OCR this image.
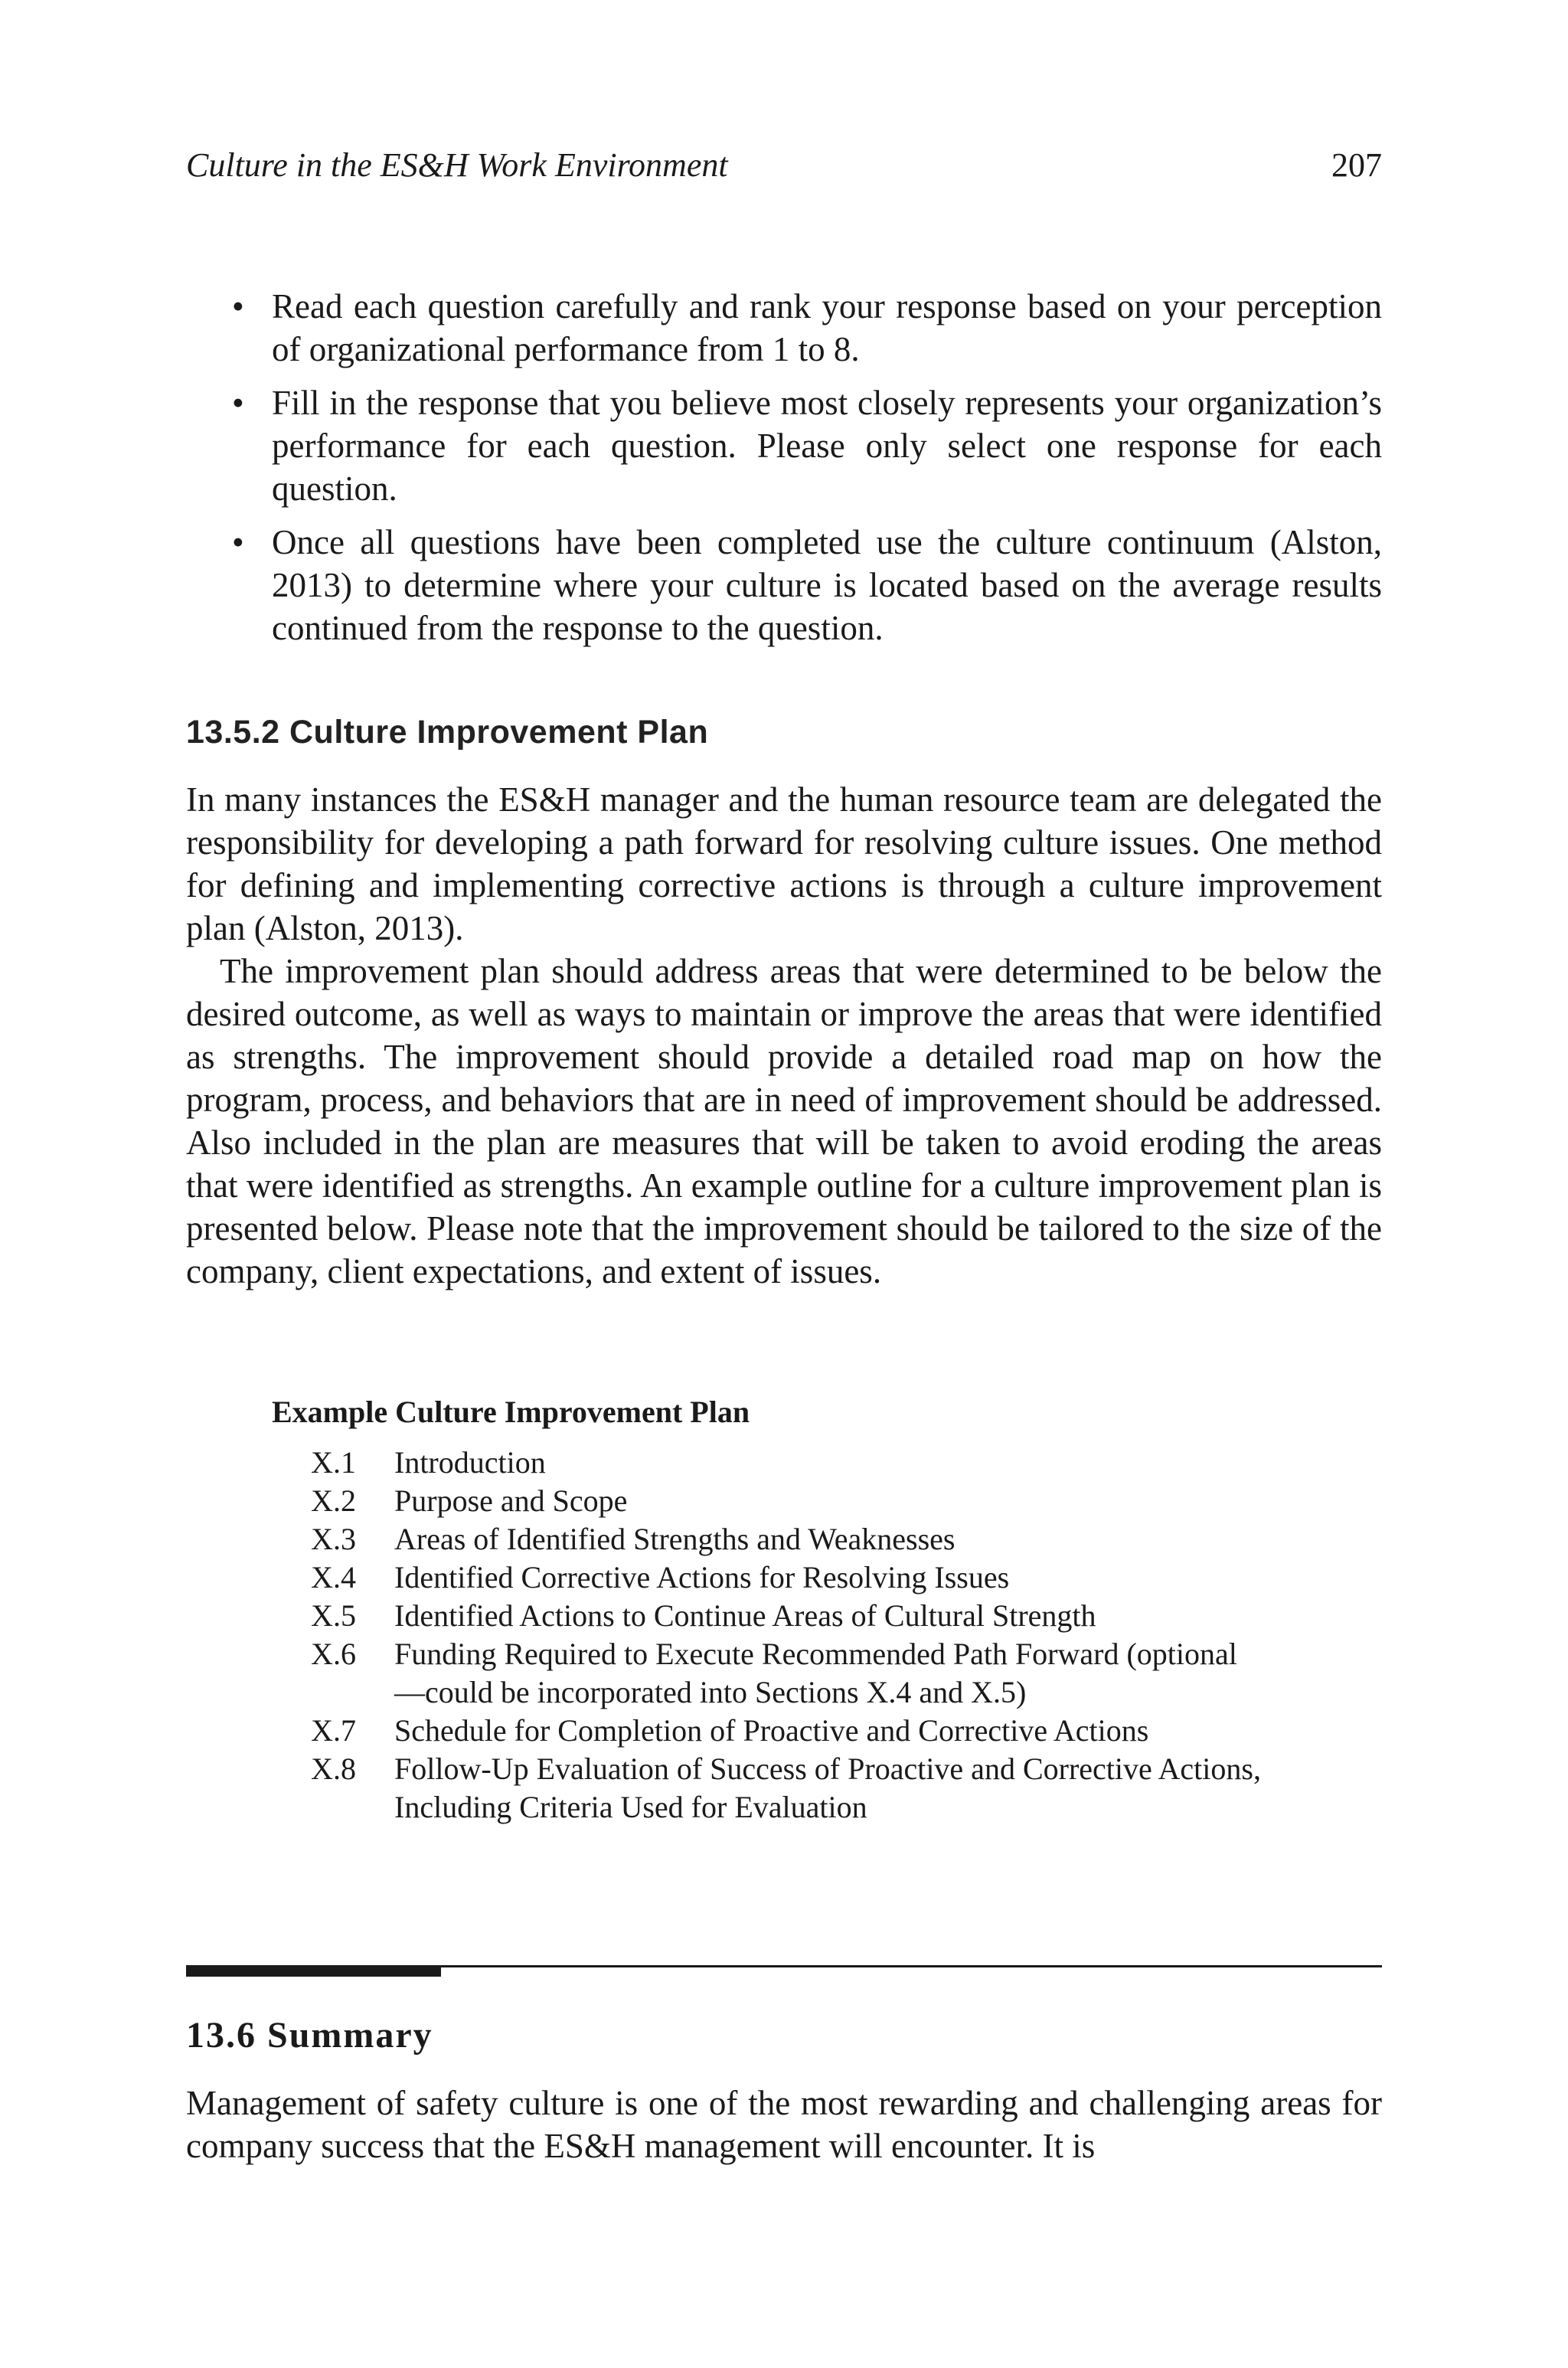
Culture in the ES&H Work Environment	207
• Read each question carefully and rank your response based on your perception of organizational performance from 1 to 8.
• Fill in the response that you believe most closely represents your organization’s performance for each question. Please only select one response for each question.
• Once all questions have been completed use the culture continuum (Alston, 2013) to determine where your culture is located based on the average results continued from the response to the question.
13.5.2 Culture Improvement Plan

In many instances the ES&H manager and the human resource team are delegated the responsibility for developing a path forward for resolving culture issues. One method for defining and implementing corrective actions is through a culture improvement plan (Alston, 2013).

The improvement plan should address areas that were determined to be below the desired outcome, as well as ways to maintain or improve the areas that were identified as strengths. The improvement should provide a detailed road map on how the program, process, and behaviors that are in need of improvement should be addressed. Also included in the plan are measures that will be taken to avoid eroding the areas that were identified as strengths. An example outline for a culture improvement plan is presented below. Please note that the improvement should be tailored to the size of the company, client expectations, and extent of issues.

Example Culture Improvement Plan

X.1	Introduction
X.2	Purpose and Scope
X.3	Areas of Identified Strengths and Weaknesses
X.4	Identified Corrective Actions for Resolving Issues
X.5	Identified Actions to Continue Areas of Cultural Strength
X.6	Funding Required to Execute Recommended Path Forward (optional—could be incorporated into Sections X.4 and X.5)
X.7	Schedule for Completion of Proactive and Corrective Actions
X.8	Follow-Up Evaluation of Success of Proactive and Corrective Actions, Including Criteria Used for Evaluation
13.6 Summary

Management of safety culture is one of the most rewarding and challenging areas for company success that the ES&H management will encounter. It is
